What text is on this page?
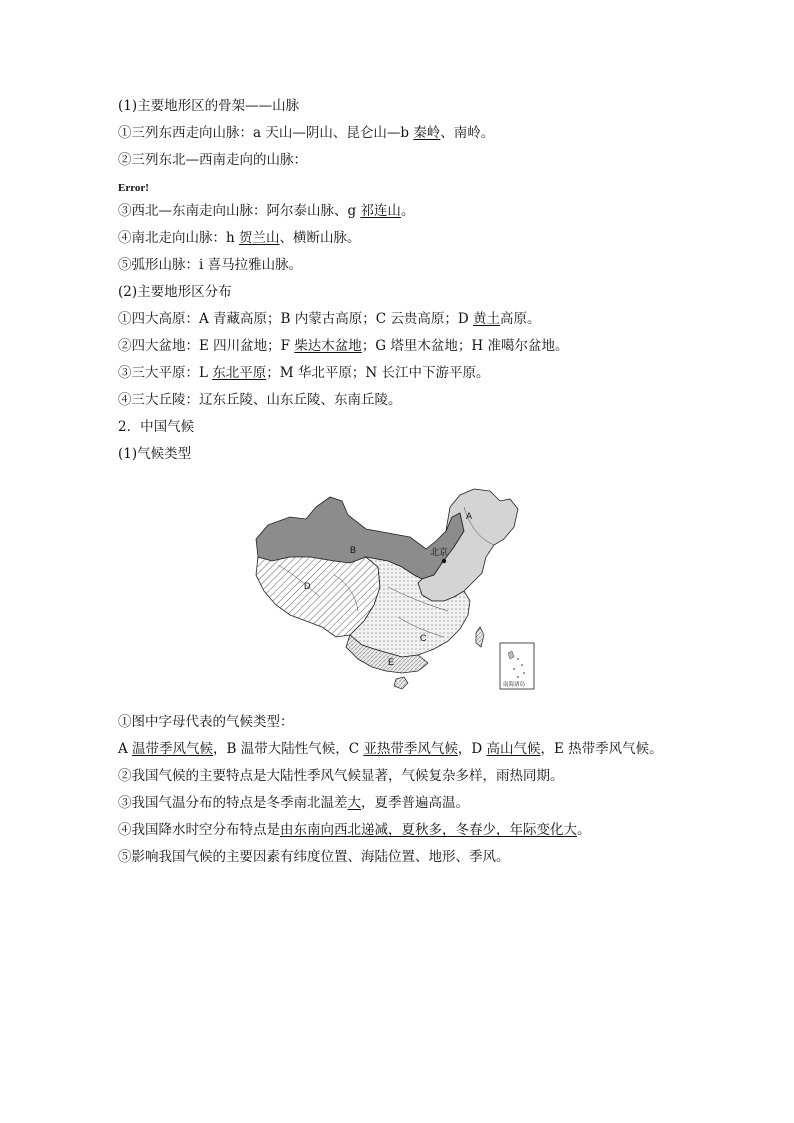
(1)主要地形区的骨架——山脉
①三列东西走向山脉：a 天山—阴山、昆仑山—b 秦岭、南岭。
②三列东北—西南走向的山脉：
Error!
③西北—东南走向山脉：阿尔泰山脉、g 祁连山。
④南北走向山脉：h 贺兰山、横断山脉。
⑤弧形山脉：i 喜马拉雅山脉。
(2)主要地形区分布
①四大高原：A 青藏高原；B 内蒙古高原；C 云贵高原；D 黄土高原。
②四大盆地：E 四川盆地；F 柴达木盆地；G 塔里木盆地；H 准噶尔盆地。
③三大平原：L 东北平原；M 华北平原；N 长江中下游平原。
④三大丘陵：辽东丘陵、山东丘陵、东南丘陵。
2．中国气候
(1)气候类型
A
B
C
D
E
北京
南海诸岛
①图中字母代表的气候类型：
A 温带季风气候，B 温带大陆性气候，C 亚热带季风气候，D 高山气候，E 热带季风气候。
②我国气候的主要特点是大陆性季风气候显著，气候复杂多样，雨热同期。
③我国气温分布的特点是冬季南北温差大，夏季普遍高温。
④我国降水时空分布特点是由东南向西北递减，夏秋多，冬春少，年际变化大。
⑤影响我国气候的主要因素有纬度位置、海陆位置、地形、季风。
